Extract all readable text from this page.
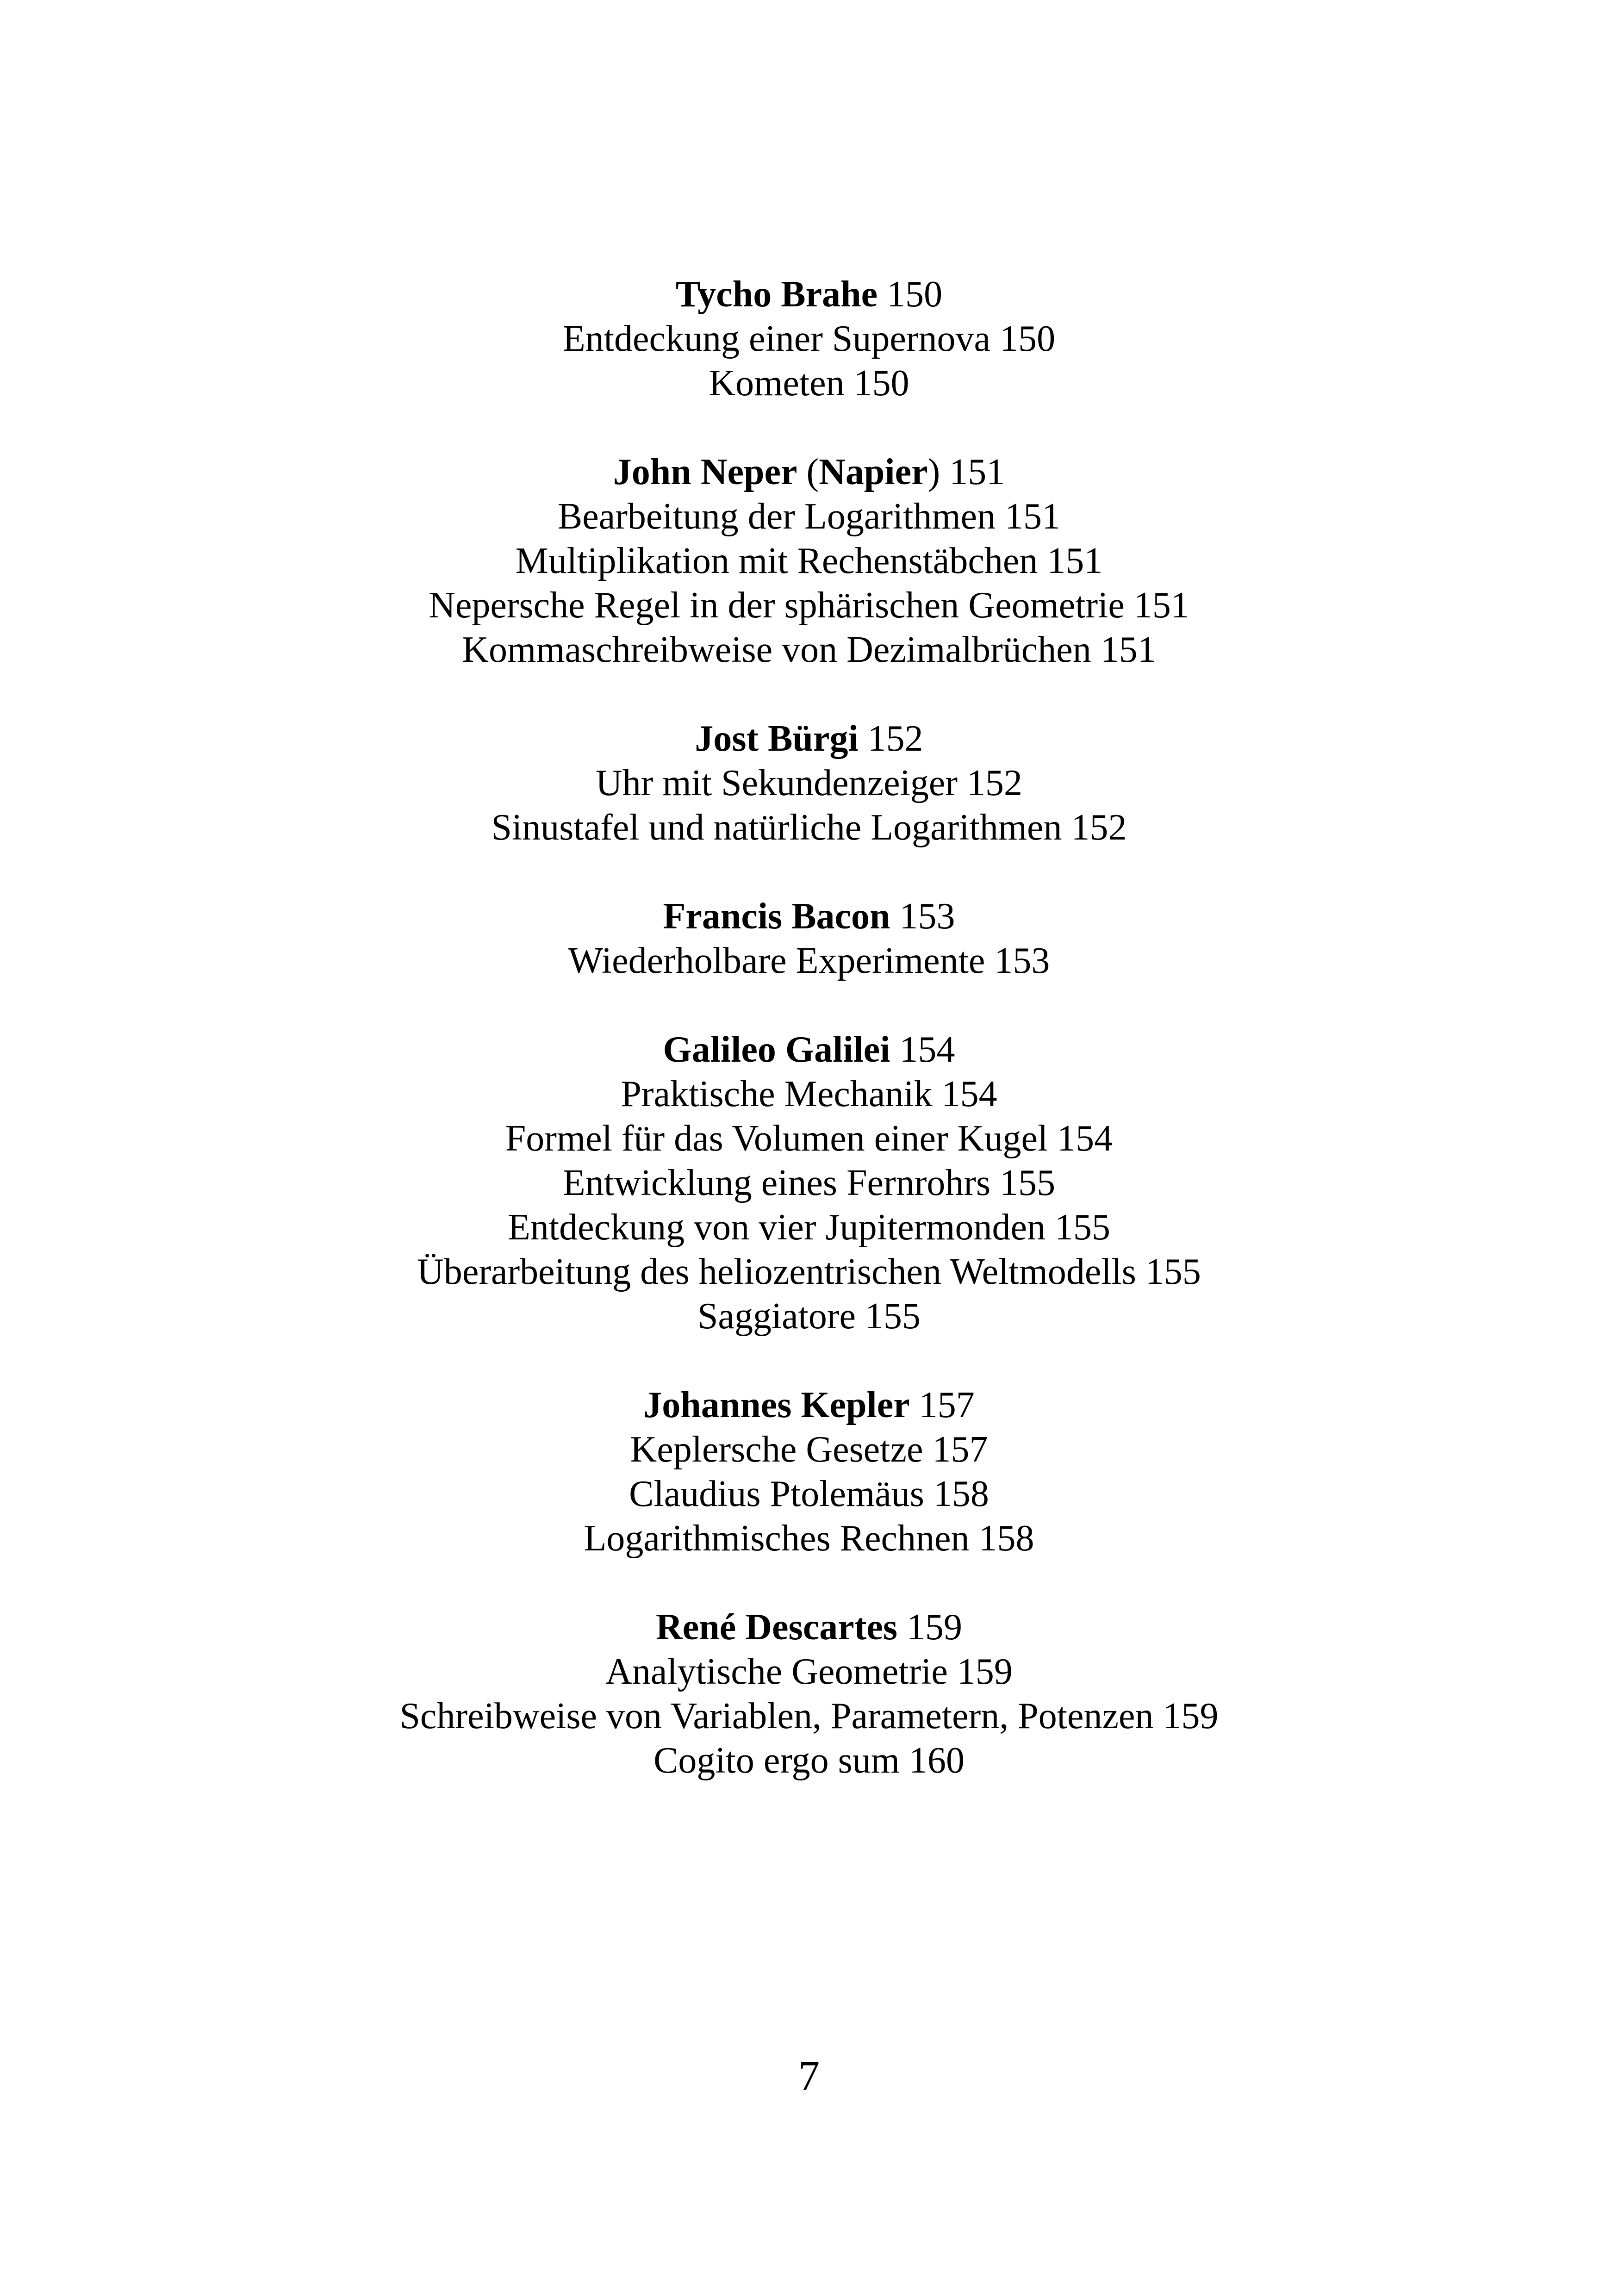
Tycho Brahe 150
Entdeckung einer Supernova 150
Kometen 150
John Neper (Napier) 151
Bearbeitung der Logarithmen 151
Multiplikation mit Rechenstäbchen 151
Nepersche Regel in der sphärischen Geometrie 151
Kommaschreibweise von Dezimalbrüchen 151
Jost Bürgi 152
Uhr mit Sekundenzeiger 152
Sinustafel und natürliche Logarithmen 152
Francis Bacon 153
Wiederholbare Experimente 153
Galileo Galilei 154
Praktische Mechanik 154
Formel für das Volumen einer Kugel 154
Entwicklung eines Fernrohrs 155
Entdeckung von vier Jupitermonden 155
Überarbeitung des heliozentrischen Weltmodells 155
Saggiatore 155
Johannes Kepler 157
Keplersche Gesetze 157
Claudius Ptolemäus 158
Logarithmisches Rechnen 158
René Descartes 159
Analytische Geometrie 159
Schreibweise von Variablen, Parametern, Potenzen 159
Cogito ergo sum 160
7
